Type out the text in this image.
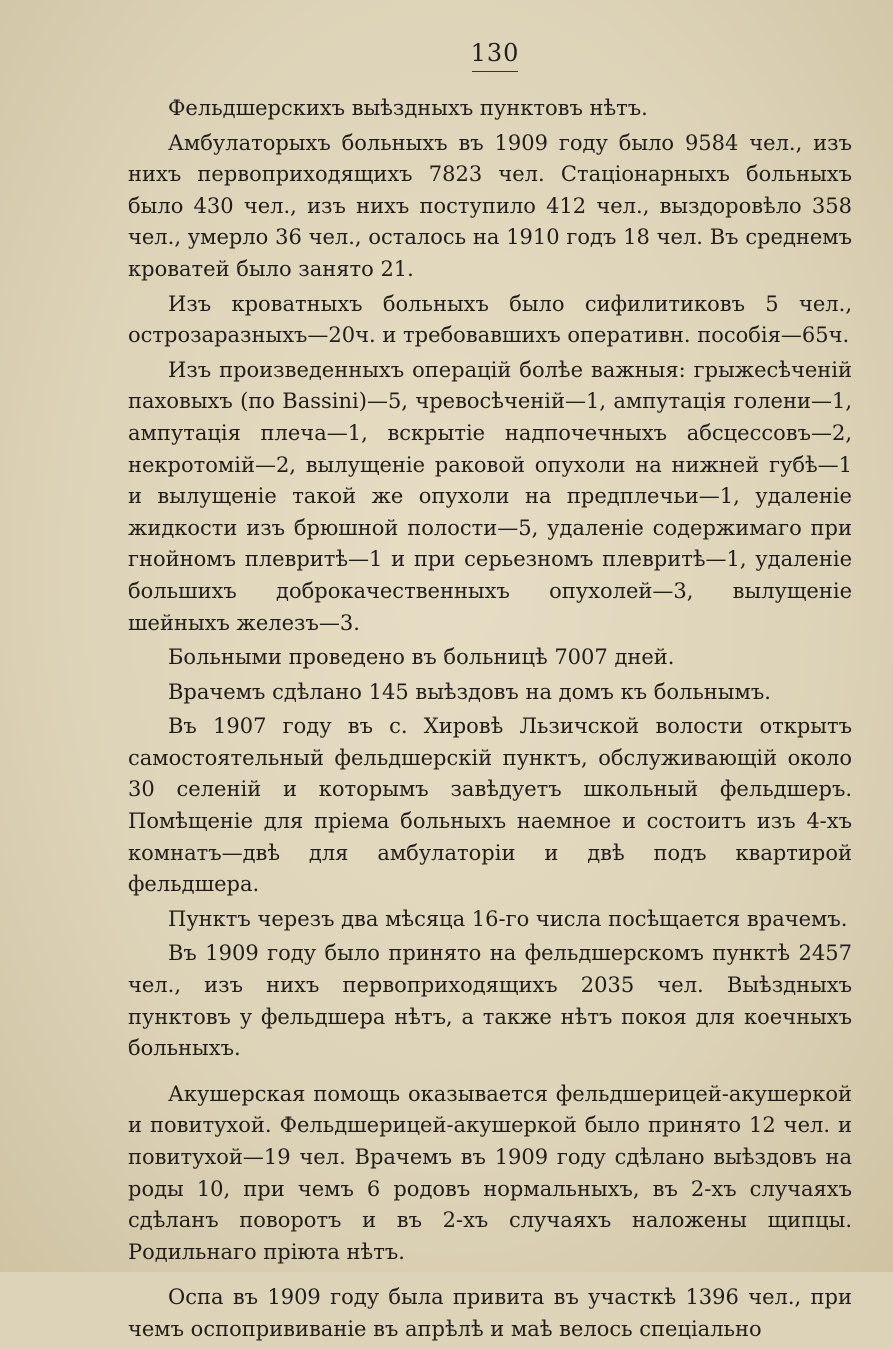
130

Фельдшерскихъ выѣздныхъ пунктовъ нѣтъ.

Амбулаторыхъ больныхъ въ 1909 году было 9584 чел., изъ нихъ первоприходящихъ 7823 чел. Стаціонарныхъ больныхъ было 430 чел., изъ нихъ поступило 412 чел., выздоровѣло 358 чел., умерло 36 чел., осталось на 1910 годъ 18 чел. Въ среднемъ кроватей было занято 21.

Изъ кроватныхъ больныхъ было сифилитиковъ 5 чел., острозаразныхъ—20ч. и требовавшихъ оперативн. пособія—65ч.

Изъ произведенныхъ операцій болѣе важныя: грыжесѣченій паховыхъ (по Bassini)—5, чревосѣченій—1, ампутація голени—1, ампутація плеча—1, вскрытіе надпочечныхъ абсцессовъ—2, некротомій—2, вылущеніе раковой опухоли на нижней губѣ—1 и вылущеніе такой же опухоли на предплечьи—1, удаленіе жидкости изъ брюшной полости—5, удаленіе содержимаго при гнойномъ плевритѣ—1 и при серьезномъ плевритѣ—1, удаленіе большихъ доброкачественныхъ опухолей—3, вылущеніе шейныхъ железъ—3.

Больными проведено въ больницѣ 7007 дней.

Врачемъ сдѣлано 145 выѣздовъ на домъ къ больнымъ.

Въ 1907 году въ с. Хировѣ Льзичской волости открытъ самостоятельный фельдшерскій пунктъ, обслуживающій около 30 селеній и которымъ завѣдуетъ школьный фельдшеръ. Помѣщеніе для пріема больныхъ наемное и состоитъ изъ 4-хъ комнатъ—двѣ для амбулаторіи и двѣ подъ квартирой фельдшера.

Пунктъ черезъ два мѣсяца 16-го числа посѣщается врачемъ.

Въ 1909 году было принято на фельдшерскомъ пунктѣ 2457 чел., изъ нихъ первоприходящихъ 2035 чел. Выѣздныхъ пунктовъ у фельдшера нѣтъ, а также нѣтъ покоя для коечныхъ больныхъ.

Акушерская помощь оказывается фельдшерицей-акушеркой и повитухой. Фельдшерицей-акушеркой было принято 12 чел. и повитухой—19 чел. Врачемъ въ 1909 году сдѣлано выѣздовъ на роды 10, при чемъ 6 родовъ нормальныхъ, въ 2-хъ случаяхъ сдѣланъ поворотъ и въ 2-хъ случаяхъ наложены щипцы. Родильнаго пріюта нѣтъ.

Оспа въ 1909 году была привита въ участкѣ 1396 чел., при чемъ оспопрививаніе въ апрѣлѣ и маѣ велось спеціально
